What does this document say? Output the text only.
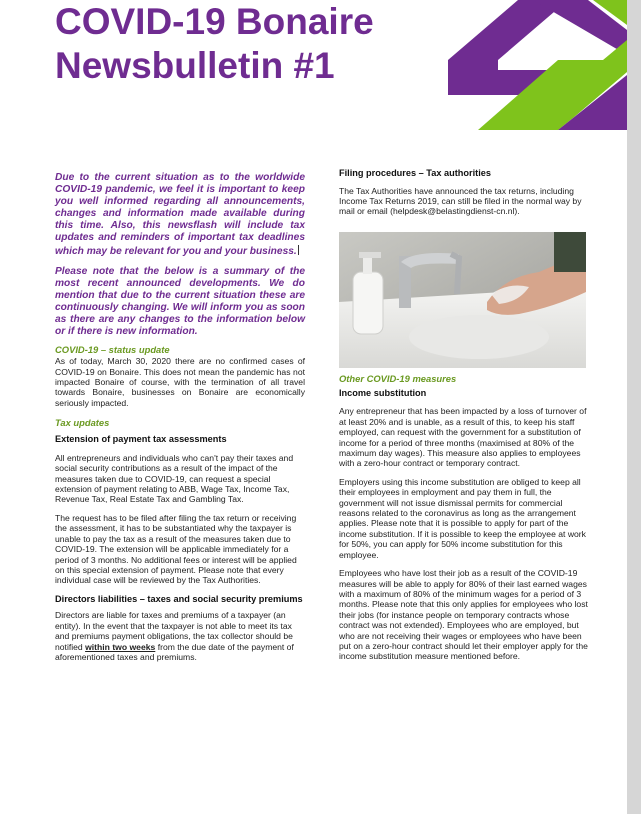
COVID-19 Bonaire
Newsbulletin #1

Due to the current situation as to the worldwide COVID-19 pandemic, we feel it is important to keep you well informed regarding all announcements, changes and information made available during this time. Also, this newsflash will include tax updates and reminders of important tax deadlines which may be relevant for you and your business.

Please note that the below is a summary of the most recent announced developments. We do mention that due to the current situation these are continuously changing. We will inform you as soon as there are any changes to the information below or if there is new information.

COVID-19 – status update

As of today, March 30, 2020 there are no confirmed cases of COVID-19 on Bonaire. This does not mean the pandemic has not impacted Bonaire of course, with the termination of all travel towards Bonaire, businesses on Bonaire are economically seriously impacted.

Tax updates

Extension of payment tax assessments

All entrepreneurs and individuals who can't pay their taxes and social security contributions as a result of the impact of the measures taken due to COVID-19, can request a special extension of payment relating to ABB, Wage Tax, Income Tax, Revenue Tax, Real Estate Tax and Gambling Tax.

The request has to be filed after filing the tax return or receiving the assessment, it has to be substantiated why the taxpayer is unable to pay the tax as a result of the measures taken due to COVID-19. The extension will be applicable immediately for a period of 3 months. No additional fees or interest will be applied on this special extension of payment. Please note that every individual case will be reviewed by the Tax Authorities.

Directors liabilities – taxes and social security premiums

Directors are liable for taxes and premiums of a taxpayer (an entity). In the event that the taxpayer is not able to meet its tax and premiums payment obligations, the tax collector should be notified within two weeks from the due date of the payment of aforementioned taxes and premiums.

Filing procedures – Tax authorities

The Tax Authorities have announced the tax returns, including Income Tax Returns 2019, can still be filed in the normal way by mail or email (helpdesk@belastingdienst-cn.nl).

Other COVID-19 measures

Income substitution

Any entrepreneur that has been impacted by a loss of turnover of at least 20% and is unable, as a result of this, to keep his staff employed, can request with the government for a substitution of income for a period of three months (maximised at 80% of the maximum day wages). This measure also applies to employees with a zero-hour contract or temporary contract.

Employers using this income substitution are obliged to keep all their employees in employment and pay them in full, the government will not issue dismissal permits for commercial reasons related to the coronavirus as long as the arrangement applies. Please note that it is possible to apply for part of the income substitution. If it is possible to keep the employee at work for 50%, you can apply for 50% income substitution for this employee.

Employees who have lost their job as a result of the COVID-19 measures will be able to apply for 80% of their last earned wages with a maximum of 80% of the minimum wages for a period of 3 months. Please note that this only applies for employees who lost their jobs (for instance people on temporary contracts whose contract was not extended). Employees who are employed, but who are not receiving their wages or employees who have been put on a zero-hour contract should let their employer apply for the income substitution measure mentioned before.
